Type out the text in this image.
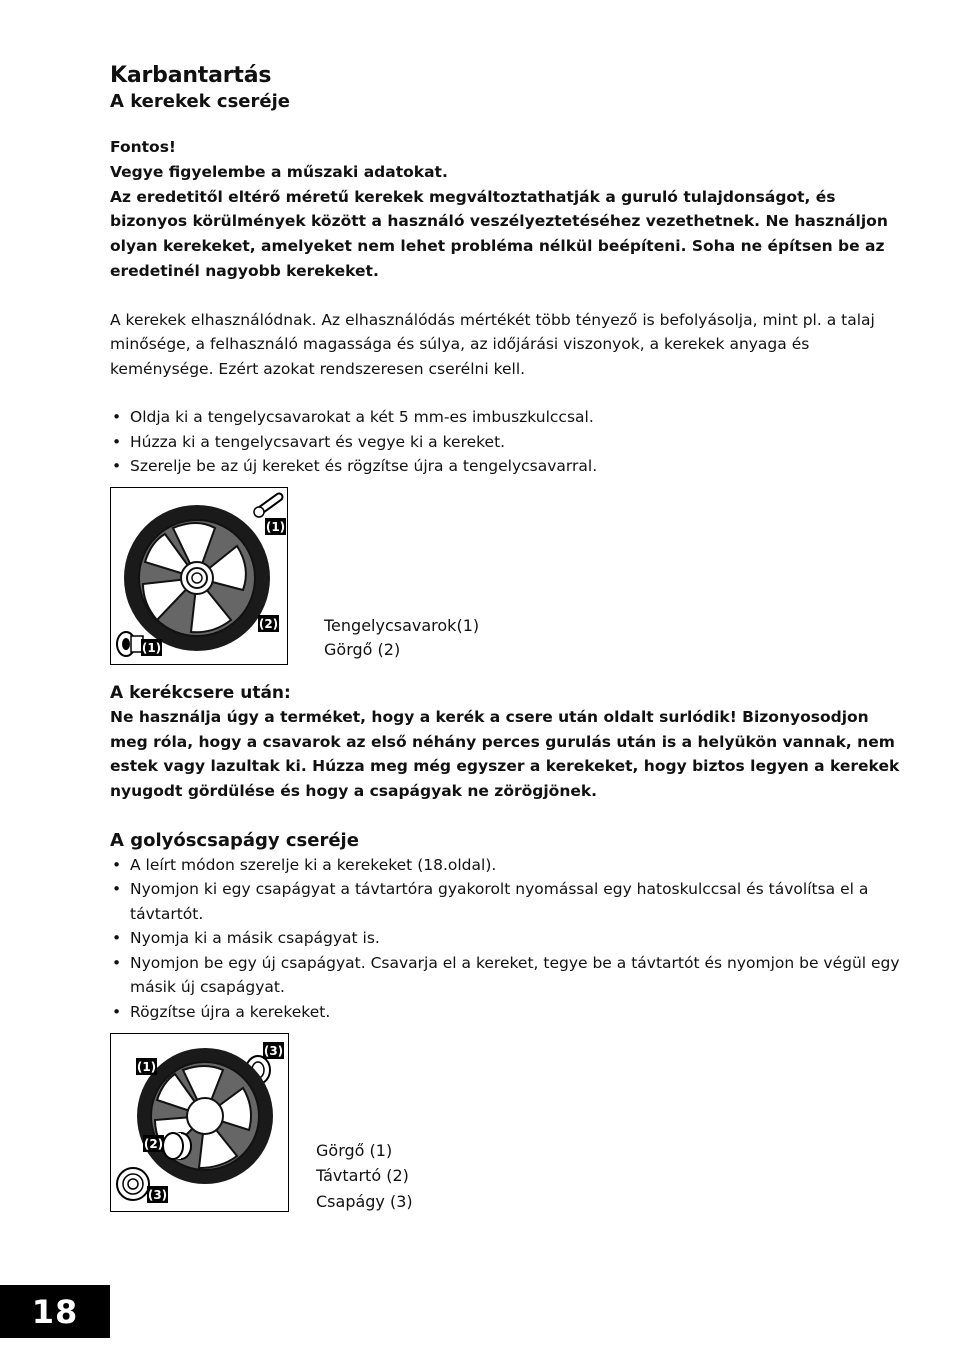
Karbantartás
A kerekek cseréje

Fontos!

Vegye figyelembe a műszaki adatokat.

Az eredetitől eltérő méretű kerekek megváltoztathatják a guruló tulajdonságot, és bizonyos körülmények között a használó veszélyeztetéséhez vezethetnek. Ne használjon olyan kerekeket, amelyeket nem lehet probléma nélkül beépíteni. Soha ne építsen be az eredetinél nagyobb kerekeket.

A kerekek elhasználódnak. Az elhasználódás mértékét több tényező is befolyásolja, mint pl. a talaj minősége, a felhasználó magassága és súlya, az időjárási viszonyok, a kerekek anyaga és keménysége. Ezért azokat rendszeresen cserélni kell.

• Oldja ki a tengelycsavarokat a két 5 mm-es imbuszkulccsal.
• Húzza ki a tengelycsavart és vegye ki a kereket.
• Szerelje be az új kereket és rögzítse újra a tengelycsavarral.
(1)
(2)
(1)
Tengelycsavarok(1)
Görgő (2)
A kerékcsere után:

Ne használja úgy a terméket, hogy a kerék a csere után oldalt surlódik! Bizonyosodjon meg róla, hogy a csavarok az első néhány perces gurulás után is a helyükön vannak, nem estek vagy lazultak ki. Húzza meg még egyszer a kerekeket, hogy biztos legyen a kerekek nyugodt gördülése és hogy a csapágyak ne zörögjönek.

A golyóscsapágy cseréje
• A leírt módon szerelje ki a kerekeket (18.oldal).
• Nyomjon ki egy csapágyat a távtartóra gyakorolt nyomással egy hatoskulccsal és távolítsa el a távtartót.
• Nyomja ki a másik csapágyat is.
• Nyomjon be egy új csapágyat. Csavarja el a kereket, tegye be a távtartót és nyomjon be végül egy másik új csapágyat.
• Rögzítse újra a kerekeket.
(1)
(3)
(2)
(3)
Görgő (1)
Távtartó (2)
Csapágy (3)
18
